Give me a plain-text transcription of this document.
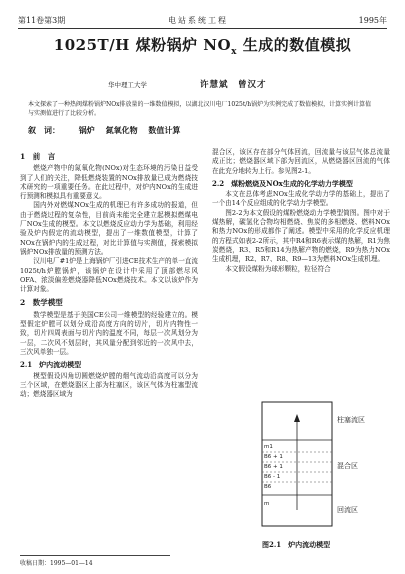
第11卷第3期	电站系统工程	1995年
1025T/H 煤粉锅炉 $NO_x$ 生成的数值模拟
华中理工大学	许慧斌　曾汉才
本文探索了一种热阀煤粉锅炉NOx排放量的一维数值模拟，以湖北汉川电厂1025t/h锅炉为实例完成了数值模拟，计算实例计算值与实测值进行了比较分析。
叙　词： 锅炉 氮氧化物 数值计算
1　前　言

燃烧产物中的氮氧化物(NOx)对生态环境的污染日益受到了人们的关注，降低燃烧装置的NOx排放量已成为燃烧技术研究的一项重要任务。在此过程中，对炉内NOx的生成进行预测和模拟具有重要意义。

国内外对燃煤NOx生成的机理已有许多成功的报道，但由于燃烧过程的复杂性，目前尚未能完全建立起模拟燃煤电厂NOx生成的模型。本文以燃烧反应动力学为基础，利用经验及炉内假定的流动模型，提出了一维数值模型，计算了NOx在锅炉内的生成过程，对比计算值与实测值，探索模拟锅炉NOx排放量的预测方法。

汉川电厂#1炉是上海锅炉厂引进CE技术生产的单一直流1025t/h炉膛锅炉，该锅炉在设计中采用了顶部燃尽风OFA、浓淡偏差燃烧器降低NOx燃烧技术。本文以该炉作为计算对象。

2　数学模型

数学模型是基于美国CE公司一维模型的经验建立的。模型假定炉膛可以划分成沿高度方向的切片，切片内物性一致，切片四周表面与切片内的温度不同，每层一次风划分为一层，二次风不划层时，其风量分配到邻近的一次风中去，三次风单独一层。

2.1　炉内流动模型

模型假设四角切圆燃烧炉膛的烟气流动沿高度可以分为三个区域，在燃烧器区上部为柱塞区，该区气体为柱塞型流动；燃烧器区域为

混合区，该区存在部分气体回流，回流量与该层气体总流量成正比；燃烧器区域下部为回流区，从燃烧器区回流的气体在此充分地转为上行。参见图2-1。

2.2　煤粉燃烧及NOx生成的化学动力学模型

本文在总体考虑NOx生成化学动力学的基础上，提出了一个由14个反应组成的化学动力学模型。

图2-2为本文假设的煤粉燃烧动力学模型简图。图中对于煤热解，碳氢化合物均相燃烧、焦炭的多相燃烧、燃料NOx和热力NOx的形成都作了阐述。模型中采用的化学反应机理的方程式如表2-2所示，其中R4和R6表示煤的热解，R1为焦炭燃烧，R3、R5和R14为热解产物的燃烧，R9为热力NOx生成机理，R2、R7、R8、R9—13为燃料NOx生成机理。

本文假设煤粉为球形颗粒，粒径符合

柱塞流区
混合区
回流区
m1
B6 + 1
B6 + 1
B6 - 1
B6
m
图2.1　炉内流动模型
收稿日期：1995—01—14
